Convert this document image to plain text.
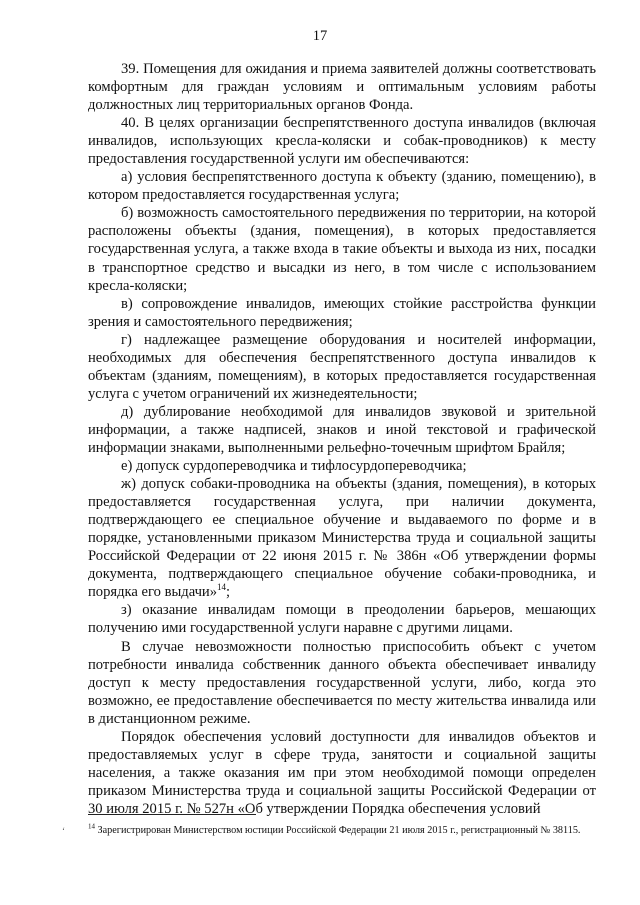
17

39. Помещения для ожидания и приема заявителей должны соответствовать комфортным для граждан условиям и оптимальным условиям работы должностных лиц территориальных органов Фонда.

40. В целях организации беспрепятственного доступа инвалидов (включая инвалидов, использующих кресла-коляски и собак-проводников) к месту предоставления государственной услуги им обеспечиваются:

а) условия беспрепятственного доступа к объекту (зданию, помещению), в котором предоставляется государственная услуга;

б) возможность самостоятельного передвижения по территории, на которой расположены объекты (здания, помещения), в которых предоставляется государственная услуга, а также входа в такие объекты и выхода из них, посадки в транспортное средство и высадки из него, в том числе с использованием кресла-коляски;

в) сопровождение инвалидов, имеющих стойкие расстройства функции зрения и самостоятельного передвижения;

г) надлежащее размещение оборудования и носителей информации, необходимых для обеспечения беспрепятственного доступа инвалидов к объектам (зданиям, помещениям), в которых предоставляется государственная услуга с учетом ограничений их жизнедеятельности;

д) дублирование необходимой для инвалидов звуковой и зрительной информации, а также надписей, знаков и иной текстовой и графической информации знаками, выполненными рельефно-точечным шрифтом Брайля;

е) допуск сурдопереводчика и тифлосурдопереводчика;

ж) допуск собаки-проводника на объекты (здания, помещения), в которых предоставляется государственная услуга, при наличии документа, подтверждающего ее специальное обучение и выдаваемого по форме и в порядке, установленными приказом Министерства труда и социальной защиты Российской Федерации от 22 июня 2015 г. № 386н «Об утверждении формы документа, подтверждающего специальное обучение собаки-проводника, и порядка его выдачи»$^{14}$;

з) оказание инвалидам помощи в преодолении барьеров, мешающих получению ими государственной услуги наравне с другими лицами.

В случае невозможности полностью приспособить объект с учетом потребности инвалида собственник данного объекта обеспечивает инвалиду доступ к месту предоставления государственной услуги, либо, когда это возможно, ее предоставление обеспечивается по месту жительства инвалида или в дистанционном режиме.

Порядок обеспечения условий доступности для инвалидов объектов и предоставляемых услуг в сфере труда, занятости и социальной защиты населения, а также оказания им при этом необходимой помощи определен приказом Министерства труда и социальной защиты Российской Федерации от 30 июля 2015 г. № 527н «Об утверждении Порядка обеспечения условий

‘	$^{14}$ Зарегистрирован Министерством юстиции Российской Федерации 21 июля 2015 г., регистрационный № 38115.
